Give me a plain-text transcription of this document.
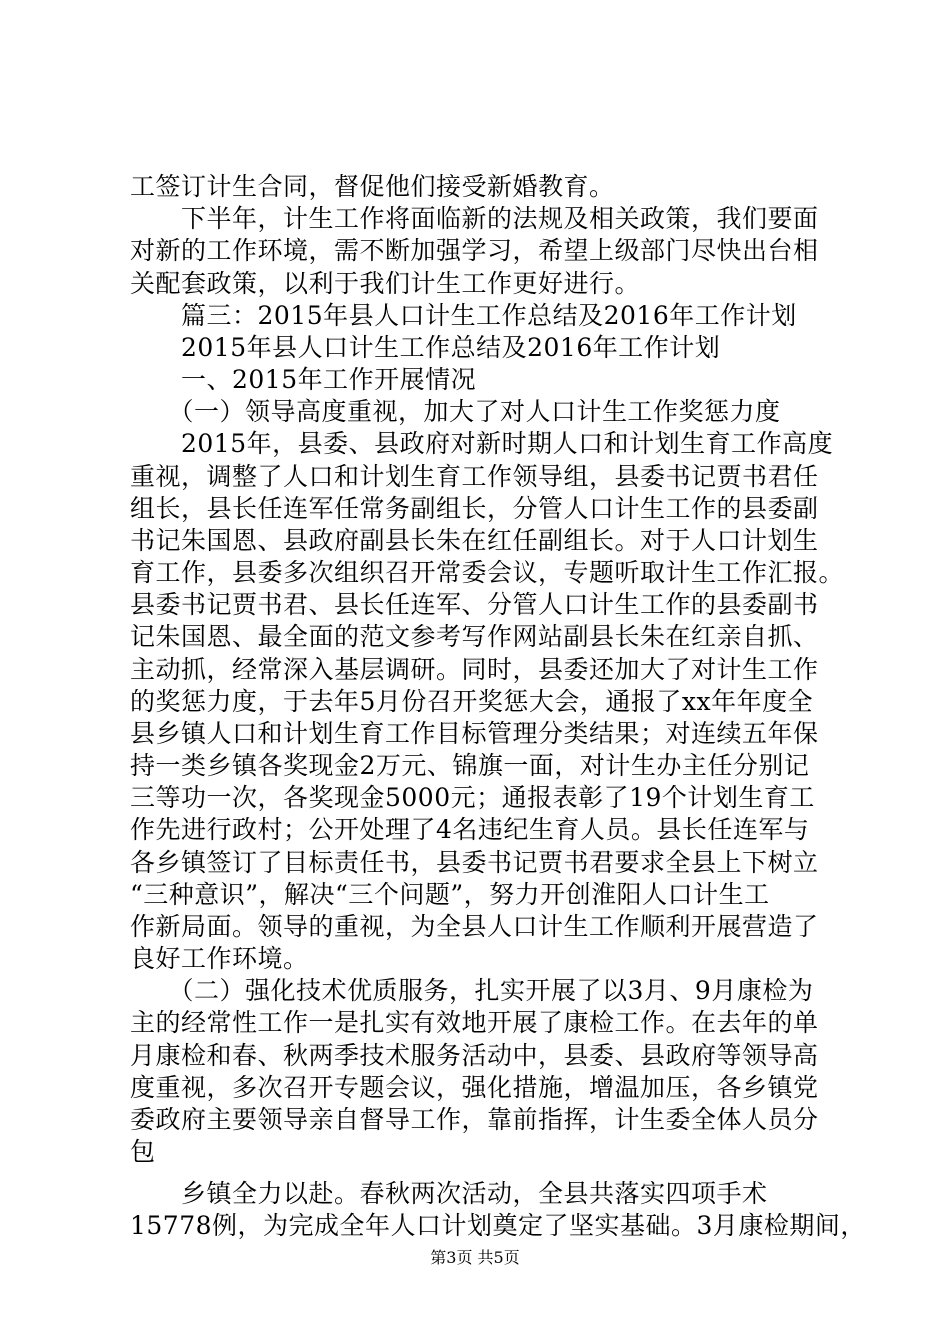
工签订计生合同，督促他们接受新婚教育。
　　下半年，计生工作将面临新的法规及相关政策，我们要面
对新的工作环境，需不断加强学习，希望上级部门尽快出台相
关配套政策，以利于我们计生工作更好进行。
　　篇三：2015年县人口计生工作总结及2016年工作计划
　　2015年县人口计生工作总结及2016年工作计划
　　一、2015年工作开展情况
　　（一）领导高度重视，加大了对人口计生工作奖惩力度
　　2015年，县委、县政府对新时期人口和计划生育工作高度
重视，调整了人口和计划生育工作领导组，县委书记贾书君任
组长，县长任连军任常务副组长，分管人口计生工作的县委副
书记朱国恩、县政府副县长朱在红任副组长。对于人口计划生
育工作，县委多次组织召开常委会议，专题听取计生工作汇报。
县委书记贾书君、县长任连军、分管人口计生工作的县委副书
记朱国恩、最全面的范文参考写作网站副县长朱在红亲自抓、
主动抓，经常深入基层调研。同时，县委还加大了对计生工作
的奖惩力度，于去年5月份召开奖惩大会，通报了xx年年度全
县乡镇人口和计划生育工作目标管理分类结果；对连续五年保
持一类乡镇各奖现金2万元、锦旗一面，对计生办主任分别记
三等功一次，各奖现金5000元；通报表彰了19个计划生育工
作先进行政村；公开处理了4名违纪生育人员。县长任连军与
各乡镇签订了目标责任书，县委书记贾书君要求全县上下树立
“三种意识”，解决“三个问题”，努力开创淮阳人口计生工
作新局面。领导的重视，为全县人口计生工作顺利开展营造了
良好工作环境。
　　（二）强化技术优质服务，扎实开展了以3月、9月康检为
主的经常性工作一是扎实有效地开展了康检工作。在去年的单
月康检和春、秋两季技术服务活动中，县委、县政府等领导高
度重视，多次召开专题会议，强化措施，增温加压，各乡镇党
委政府主要领导亲自督导工作，靠前指挥，计生委全体人员分
包
　　乡镇全力以赴。春秋两次活动，全县共落实四项手术
15778例，为完成全年人口计划奠定了坚实基础。3月康检期间，
第3页 共5页
